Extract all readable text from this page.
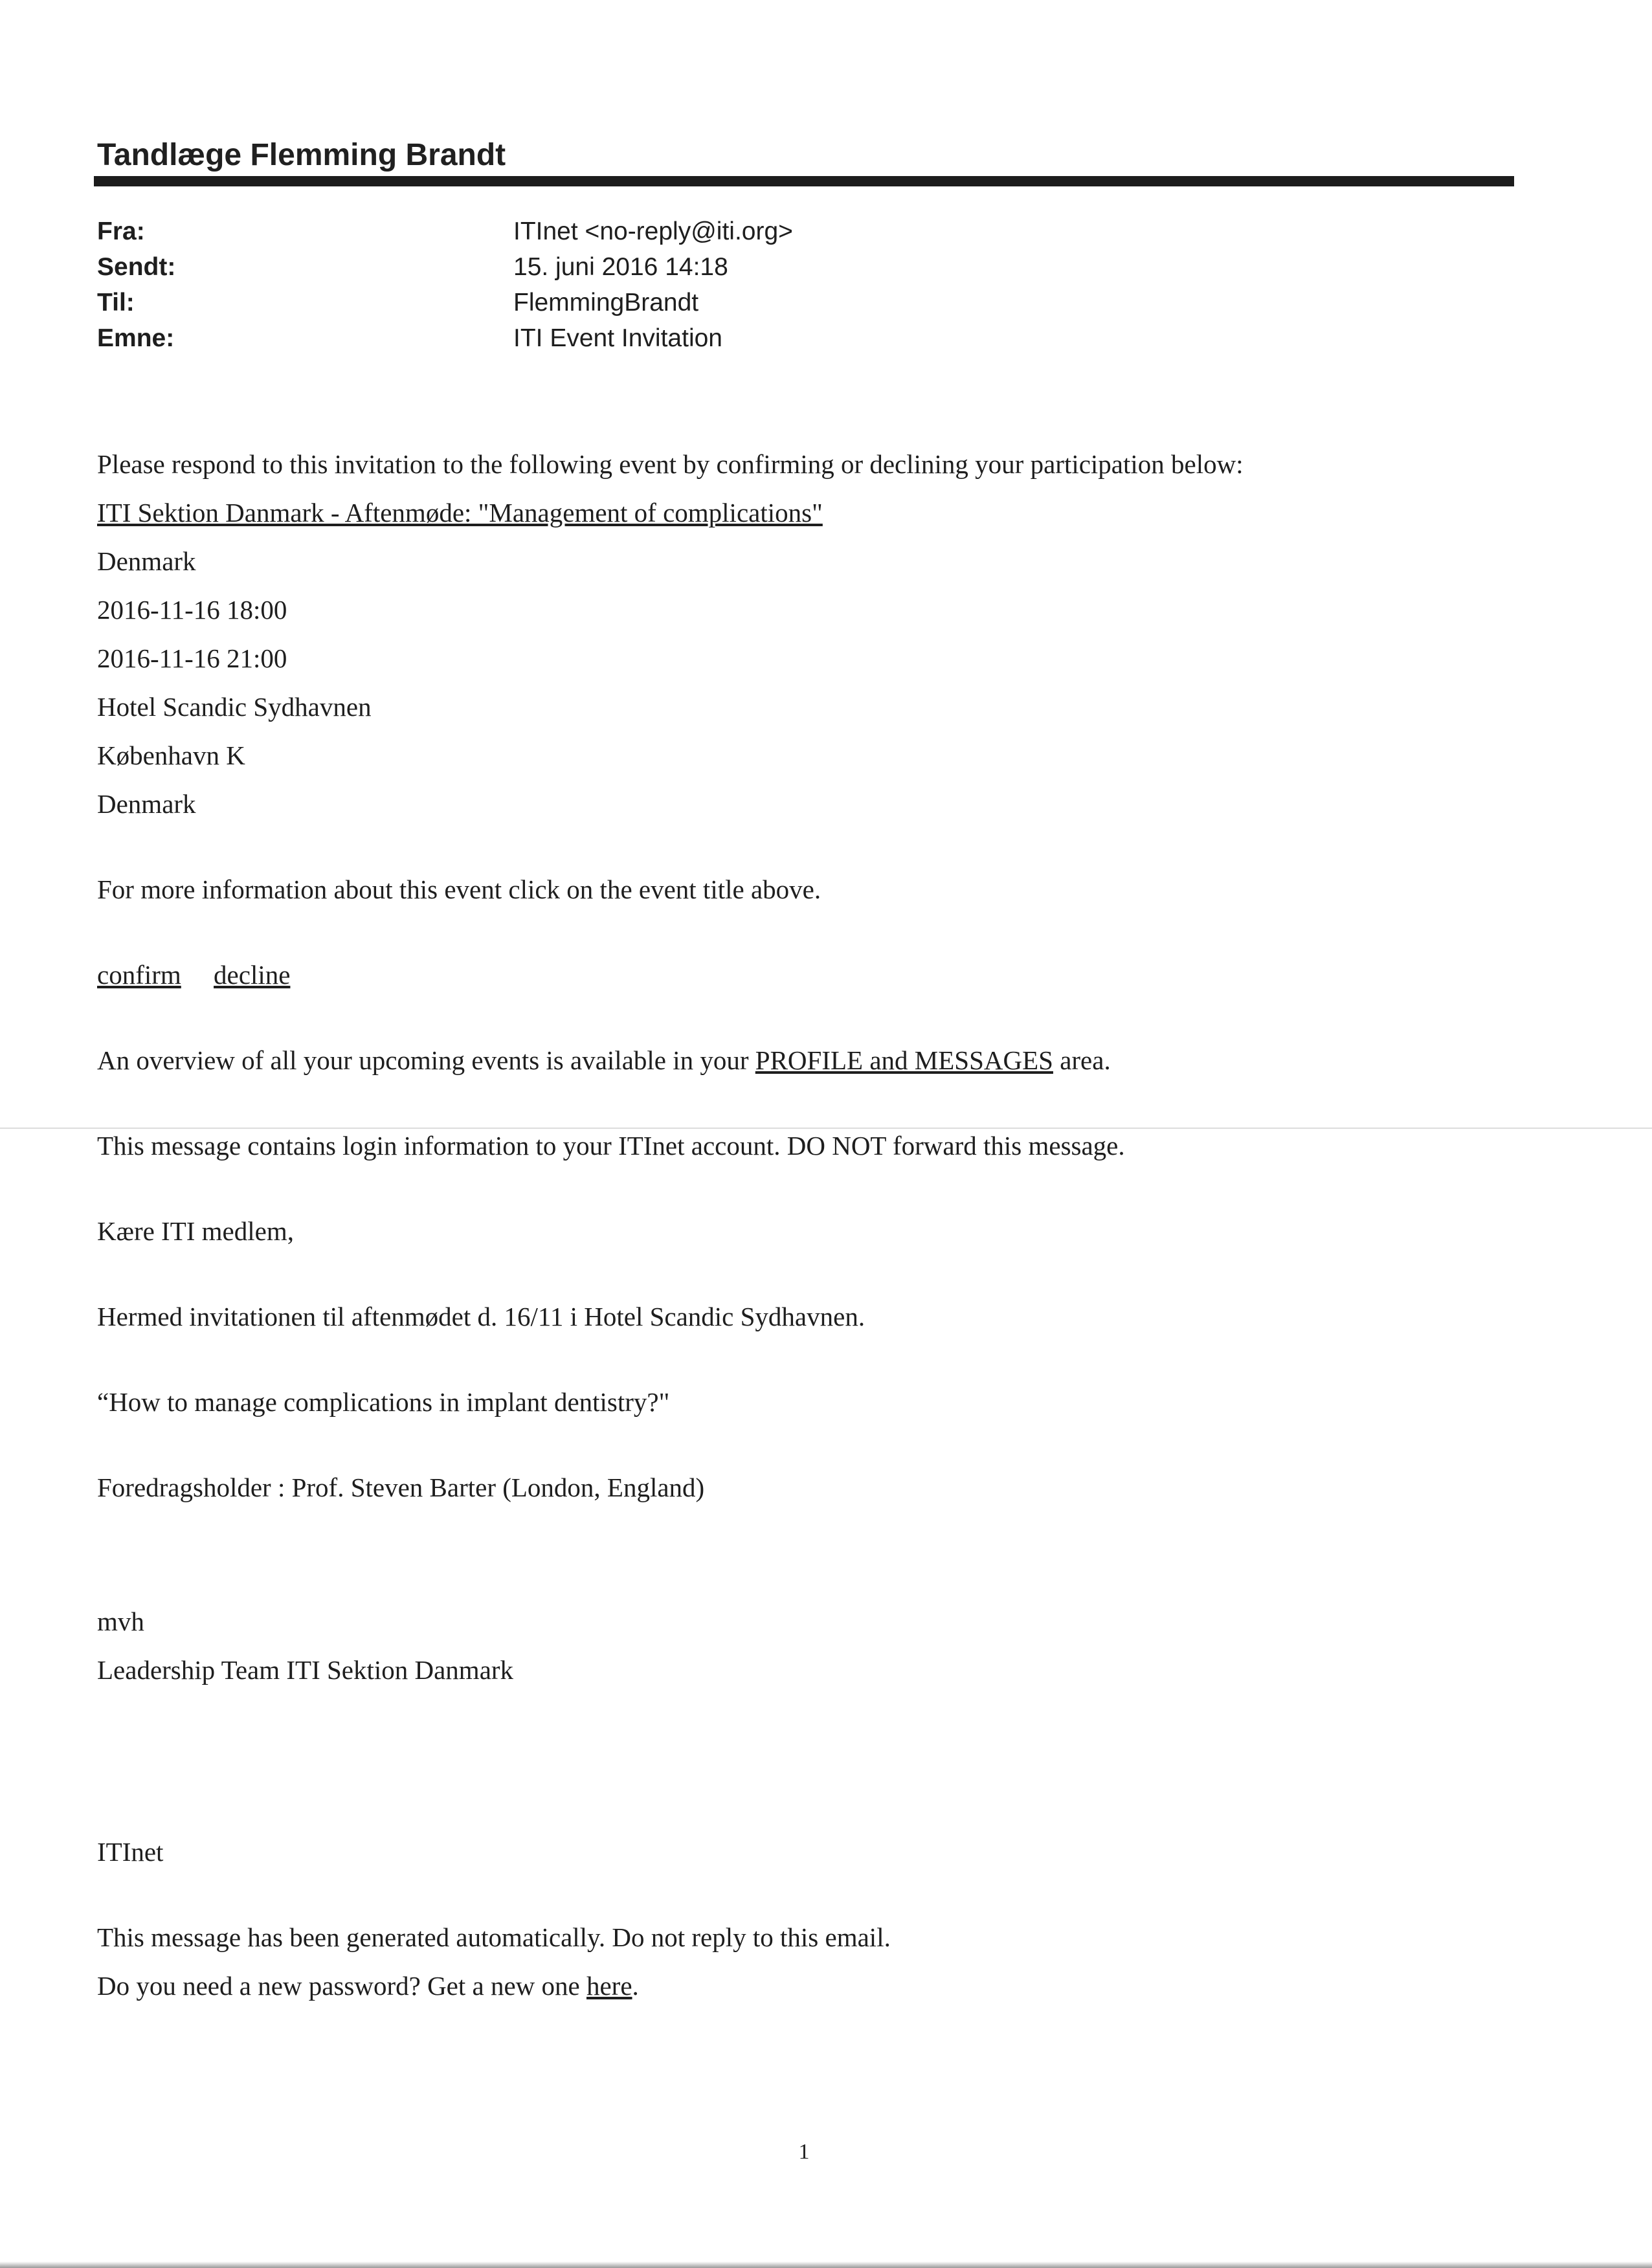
Tandlæge Flemming Brandt
Fra:	ITInet <no-reply@iti.org>
Sendt:	15. juni 2016 14:18
Til:	FlemmingBrandt
Emne:	ITI Event Invitation
Please respond to this invitation to the following event by confirming or declining your participation below:
ITI Sektion Danmark - Aftenmøde: "Management of complications"
Denmark
2016-11-16 18:00
2016-11-16 21:00
Hotel Scandic Sydhavnen
København K
Denmark
For more information about this event click on the event title above.
confirm decline
An overview of all your upcoming events is available in your PROFILE and MESSAGES area.
This message contains login information to your ITInet account. DO NOT forward this message.
Kære ITI medlem,
Hermed invitationen til aftenmødet d. 16/11 i Hotel Scandic Sydhavnen.
“How to manage complications in implant dentistry?"
Foredragsholder : Prof. Steven Barter (London, England)
mvh
Leadership Team ITI Sektion Danmark
ITInet
This message has been generated automatically. Do not reply to this email.
Do you need a new password? Get a new one here.
1
